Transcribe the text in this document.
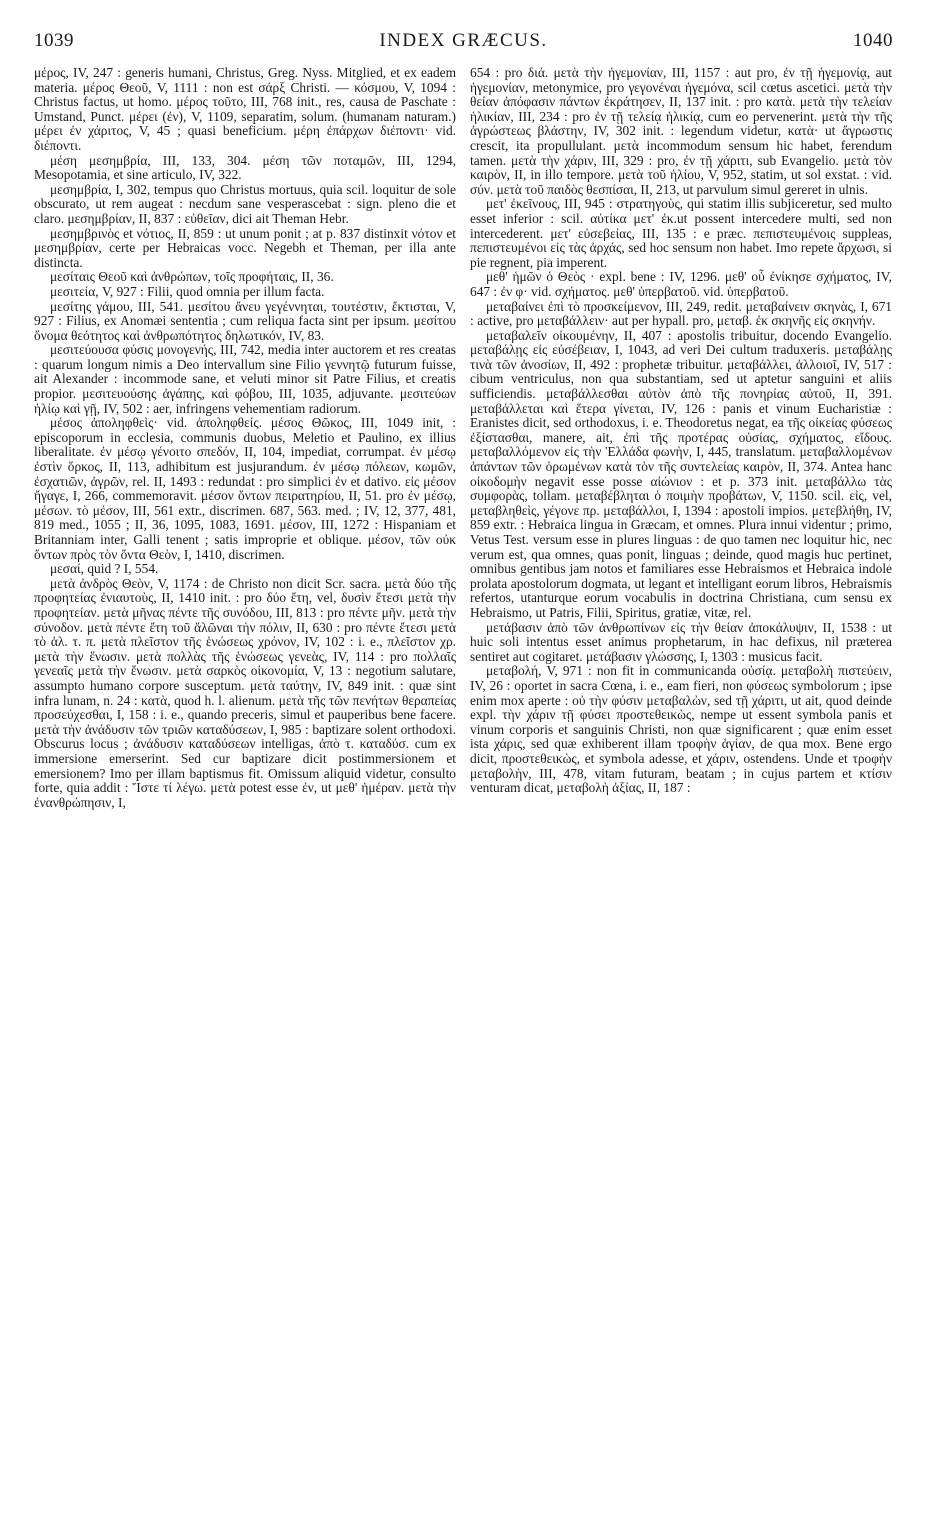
1039	INDEX GRÆCUS.	1040

μέρος, IV, 247 : generis humani, Christus, Greg. Nyss. Mitglied, et ex eadem materia. μέρος Θεοῦ, V, 1111 : non est σάρξ Christi. — κόσμου, V, 1094 : Christus factus, ut homo. μέρος τοῦτο, III, 768 init., res, causa de Paschate : Umstand, Punct. μέρει (ἐν), V, 1109, separatim, solum. (humanam naturam.) μέρει ἐν χάριτος, V, 45 ; quasi beneficium. μέρη ἐπάρχων διέποντι· vid. διέποντι.

μέση μεσημβρία, III, 133, 304. μέση τῶν ποταμῶν, III, 1294, Mesopotamia, et sine articulo, IV, 322.

μεσημβρία, I, 302, tempus quo Christus mortuus, quia scil. loquitur de sole obscurato, ut rem augeat : necdum sane vesperascebat : sign. pleno die et claro. μεσημβρίαν, II, 837 : εὐθεῖαν, dici ait Theman Hebr.

μεσημβρινὸς et νότιος, II, 859 : ut unum ponit ; at p. 837 distinxit νότον et μεσημβρίαν, certe per Hebraicas vocc. Negebh et Theman, per illa ante distincta.

μεσίταις Θεοῦ καὶ ἀνθρώπων, τοῖς προφήταις, II, 36.

μεσιτεία, V, 927 : Filii, quod omnia per illum facta.

μεσίτης γάμου, III, 541. μεσίτου ἄνευ γεγέννηται, τουτέστιν, ἔκτισται, V, 927 : Filius, ex Anomæi sententia ; cum reliqua facta sint per ipsum. μεσίτου ὄνομα θεότητος καὶ ἀνθρωπότητος δηλωτικόν, IV, 83.

μεσιτεύουσα φύσις μονογενής, III, 742, media inter auctorem et res creatas : quarum longum nimis a Deo intervallum sine Filio γεννητῷ futurum fuisse, ait Alexander : incommode sane, et veluti minor sit Patre Filius, et creatis propior. μεσιτευούσης ἀγάπης, καὶ φόβου, III, 1035, adjuvante. μεσιτεύων ἡλίῳ καὶ γῇ, IV, 502 : aer, infringens vehementiam radiorum.

μέσος ἀποληφθεὶς· vid. ἀποληφθείς. μέσος Θῶκος, III, 1049 init, : episcoporum in ecclesia, communis duobus, Meletio et Paulino, ex illius liberalitate. ἐν μέσῳ γένοιτο σπεδόν, II, 104, impediat, corrumpat. ἐν μέσῳ ἐστὶν ὅρκος, II, 113, adhibitum est jusjurandum. ἐν μέσῳ πόλεων, κωμῶν, ἐσχατιῶν, ἀγρῶν, rel. II, 1493 : redundat : pro simplici ἐν et dativo. εἰς μέσον ἤγαγε, I, 266, commemoravit. μέσον ὄντων πειρατηρίου, II, 51. pro ἐν μέσῳ, μέσων. τὸ μέσον, III, 561 extr., discrimen. 687, 563. med. ; IV, 12, 377, 481, 819 med., 1055 ; II, 36, 1095, 1083, 1691. μέσον, III, 1272 : Hispaniam et Britanniam inter, Galli tenent ; satis improprie et oblique. μέσον, τῶν οὐκ ὄντων πρὸς τὸν ὄντα Θεὸν, I, 1410, discrimen.

μεσαί, quid ? I, 554.

μετὰ ἀνδρὸς Θεὸν, V, 1174 : de Christo non dicit Scr. sacra. μετὰ δύο τῆς προφητείας ἐνιαυτοὺς, II, 1410 init. : pro δύο ἔτη, vel, δυσὶν ἔτεσι μετὰ τὴν προφητείαν. μετὰ μῆνας πέντε τῆς συνόδου, III, 813 : pro πέντε μῆν. μετὰ τὴν σύνοδον. μετὰ πέντε ἔτη τοῦ ἅλῶναι τὴν πόλιν, II, 630 : pro πέντε ἔτεσι μετὰ τὸ ἁλ. τ. π. μετὰ πλεῖστον τῆς ἑνώσεως χρόνον, IV, 102 : i. e., πλεῖστον χρ. μετὰ τὴν ἕνωσιν. μετὰ πολλὰς τῆς ἑνώσεως γενεὰς, IV, 114 : pro πολλαῖς γενεαῖς μετὰ τὴν ἕνωσιν. μετὰ σαρκὸς οἰκονομία, V, 13 : negotium salutare, assumpto humano corpore susceptum. μετὰ ταύτην, IV, 849 init. : quæ sint infra lunam, n. 24 : κατὰ, quod h. l. alienum. μετὰ τῆς τῶν πενήτων θεραπείας προσεύχεσθαι, I, 158 : i. e., quando preceris, simul et pauperibus bene facere. μετὰ τὴν ἀνάδυσιν τῶν τριῶν καταδύσεων, I, 985 : baptizare solent orthodoxi. Obscurus locus ; ἀνάδυσιν καταδύσεων intelligas, ἀπὸ τ. καταδύσ. cum ex immersione emerserint. Sed cur baptizare dicit postimmersionem et emersionem? Imo per illam baptismus fit. Omissum aliquid videtur, consulto forte, quia addit : Ἴστε τί λέγω. μετὰ potest esse ἐν, ut μεθ' ἡμέραν. μετὰ τὴν ἐνανθρώπησιν, I,

654 : pro διά. μετὰ τὴν ἡγεμονίαν, III, 1157 : aut pro, ἐν τῇ ἡγεμονίᾳ, aut ἡγεμονίαν, metonymice, pro γεγονέναι ἡγεμόνα, scil cœtus ascetici. μετὰ τὴν θείαν ἀπόφασιν πάντων ἐκράτησεν, II, 137 init. : pro κατὰ. μετὰ τὴν τελείαν ἡλικίαν, III, 234 : pro ἐν τῇ τελείᾳ ἡλικίᾳ, cum eo pervenerint. μετὰ τὴν τῆς ἀγρώστεως βλάστην, IV, 302 init. : legendum videtur, κατὰ· ut ἄγρωστις crescit, ita propullulant. μετὰ incommodum sensum hic habet, ferendum tamen. μετὰ τὴν χάριν, III, 329 : pro, ἐν τῇ χάριτι, sub Evangelio. μετὰ τὸν καιρὸν, II, in illo tempore. μετὰ τοῦ ἡλίου, V, 952, statim, ut sol exstat. : vid. σύν. μετὰ τοῦ παιδὸς θεσπίσαι, II, 213, ut parvulum simul gereret in ulnis.

μετ' ἐκεῖνους, III, 945 : στρατηγοὺς, qui statim illis subjiceretur, sed multo esset inferior : scil. αὐτίκα μετ' ἐκ.ut possent intercedere multi, sed non intercederent. μετ' εὐσεβείας, III, 135 : e præc. πεπιστευμένοις suppleas, πεπιστευμένοι εἰς τὰς ἀρχάς, sed hoc sensum non habet. Imo repete ἄρχωσι, si pie regnent, pia imperent.

μεθ' ἡμῶν ὁ Θεὸς · expl. bene : IV, 1296. μεθ' οὗ ἐνίκησε σχήματος, IV, 647 : ἐν φ· vid. σχήματος. μεθ' ὑπερβατοῦ. vid. ὑπερβατοῦ.

μεταβαίνει ἐπὶ τὸ προσκείμενον, III, 249, redit. μεταβαίνειν σκηνὰς, I, 671 : active, pro μεταβάλλειν· aut per hypall. pro, μεταβ. ἐκ σκηνῆς εἰς σκηνήν.

μεταβαλεῖν οἰκουμένην, II, 407 : apostolis tribuitur, docendo Evangelio. μεταβάλῃς εἰς εὐσέβειαν, I, 1043, ad veri Dei cultum traduxeris. μεταβάλῃς τινὰ τῶν ἀνοσίων, II, 492 : prophetæ tribuitur. μεταβάλλει, ἀλλοιοῖ, IV, 517 : cibum ventriculus, non qua substantiam, sed ut aptetur sanguini et aliis sufficiendis. μεταβάλλεσθαι αὐτὸν ἀπὸ τῆς πονηρίας αὐτοῦ, II, 391. μεταβάλλεται καὶ ἕτερα γίνεται, IV, 126 : panis et vinum Eucharistiæ : Eranistes dicit, sed orthodoxus, i. e. Theodoretus negat, ea τῆς οἰκείας φύσεως ἐξίστασθαι, manere, ait, ἐπὶ τῆς προτέρας οὐσίας, σχήματος, εἴδους. μεταβαλλόμενον εἰς τὴν Ἑλλάδα φωνὴν, I, 445, translatum. μεταβαλλομένων ἁπάντων τῶν ὁρωμένων κατὰ τὸν τῆς συντελείας καιρὸν, II, 374. Antea hanc οἰκοδομὴν negavit esse posse αἰώνιον : et p. 373 init. μεταβάλλω τὰς συμφορὰς, tollam. μεταβέβληται ὁ ποιμὴν προβάτων, V, 1150. scil. εἰς, vel, μεταβληθεὶς, γέγονε πρ. μεταβάλλοι, I, 1394 : apostoli impios. μετεβλήθη, IV, 859 extr. : Hebraica lingua in Græcam, et omnes. Plura innui videntur ; primo, Vetus Test. versum esse in plures linguas : de quo tamen nec loquitur hic, nec verum est, qua omnes, quas ponit, linguas ; deinde, quod magis huc pertinet, omnibus gentibus jam notos et familiares esse Hebraismos et Hebraica indole prolata apostolorum dogmata, ut legant et intelligant eorum libros, Hebraismis refertos, utanturque eorum vocabulis in doctrina Christiana, cum sensu ex Hebraismo, ut Patris, Filii, Spiritus, gratiæ, vitæ, rel.

μετάβασιν ἀπὸ τῶν ἀνθρωπίνων εἰς τὴν θείαν ἀποκάλυψιν, II, 1538 : ut huic soli intentus esset animus prophetarum, in hac defixus, nil præterea sentiret aut cogitaret. μετάβασιν γλώσσης, I, 1303 : musicus facit.

μεταβολή, V, 971 : non fit in communicanda οὐσίᾳ. μεταβολὴ πιστεύειν, IV, 26 : oportet in sacra Cœna, i. e., eam fieri, non φύσεως symbolorum ; ipse enim mox aperte : οὐ τὴν φύσιν μεταβαλὼν, sed τῇ χάριτι, ut ait, quod deinde expl. τὴν χάριν τῇ φύσει προστεθεικὼς, nempe ut essent symbola panis et vinum corporis et sanguinis Christi, non quæ significarent ; quæ enim esset ista χάρις, sed quæ exhiberent illam τροφὴν ἁγίαν, de qua mox. Bene ergo dicit, προστεθεικὼς, et symbola adesse, et χάριν, ostendens. Unde et τροφὴν μεταβολὴν, III, 478, vitam futuram, beatam ; in cujus partem et κτίσιν venturam dicat, μεταβολὴ ἀξίας, II, 187 :
